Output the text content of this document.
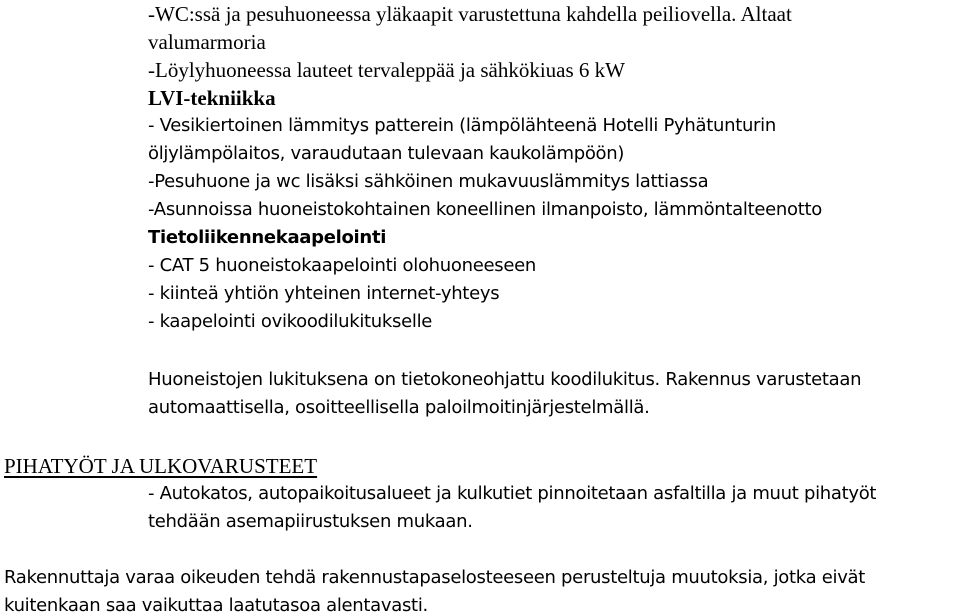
-WC:ssä ja pesuhuoneessa yläkaapit varustettuna kahdella peiliovella. Altaat
valumarmoria
-Löylyhuoneessa lauteet tervaleppää ja sähkökiuas 6 kW
LVI-tekniikka
- Vesikiertoinen lämmitys patterein (lämpölähteenä Hotelli Pyhätunturin
öljylämpölaitos, varaudutaan tulevaan kaukolämpöön)
-Pesuhuone ja wc lisäksi sähköinen mukavuuslämmitys lattiassa
-Asunnoissa huoneistokohtainen koneellinen ilmanpoisto, lämmöntalteenotto
Tietoliikennekaapelointi
- CAT 5 huoneistokaapelointi olohuoneeseen
- kiinteä yhtiön yhteinen internet-yhteys
- kaapelointi ovikoodilukitukselle
Huoneistojen lukituksena on tietokoneohjattu koodilukitus. Rakennus varustetaan
automaattisella, osoitteellisella paloilmoitinjärjestelmällä.
PIHATYÖT JA ULKOVARUSTEET
- Autokatos, autopaikoitusalueet ja kulkutiet pinnoitetaan asfaltilla ja muut pihatyöt
tehdään asemapiirustuksen mukaan.
Rakennuttaja varaa oikeuden tehdä rakennustapaselosteeseen perusteltuja muutoksia, jotka eivät
kuitenkaan saa vaikuttaa laatutasoa alentavasti.
